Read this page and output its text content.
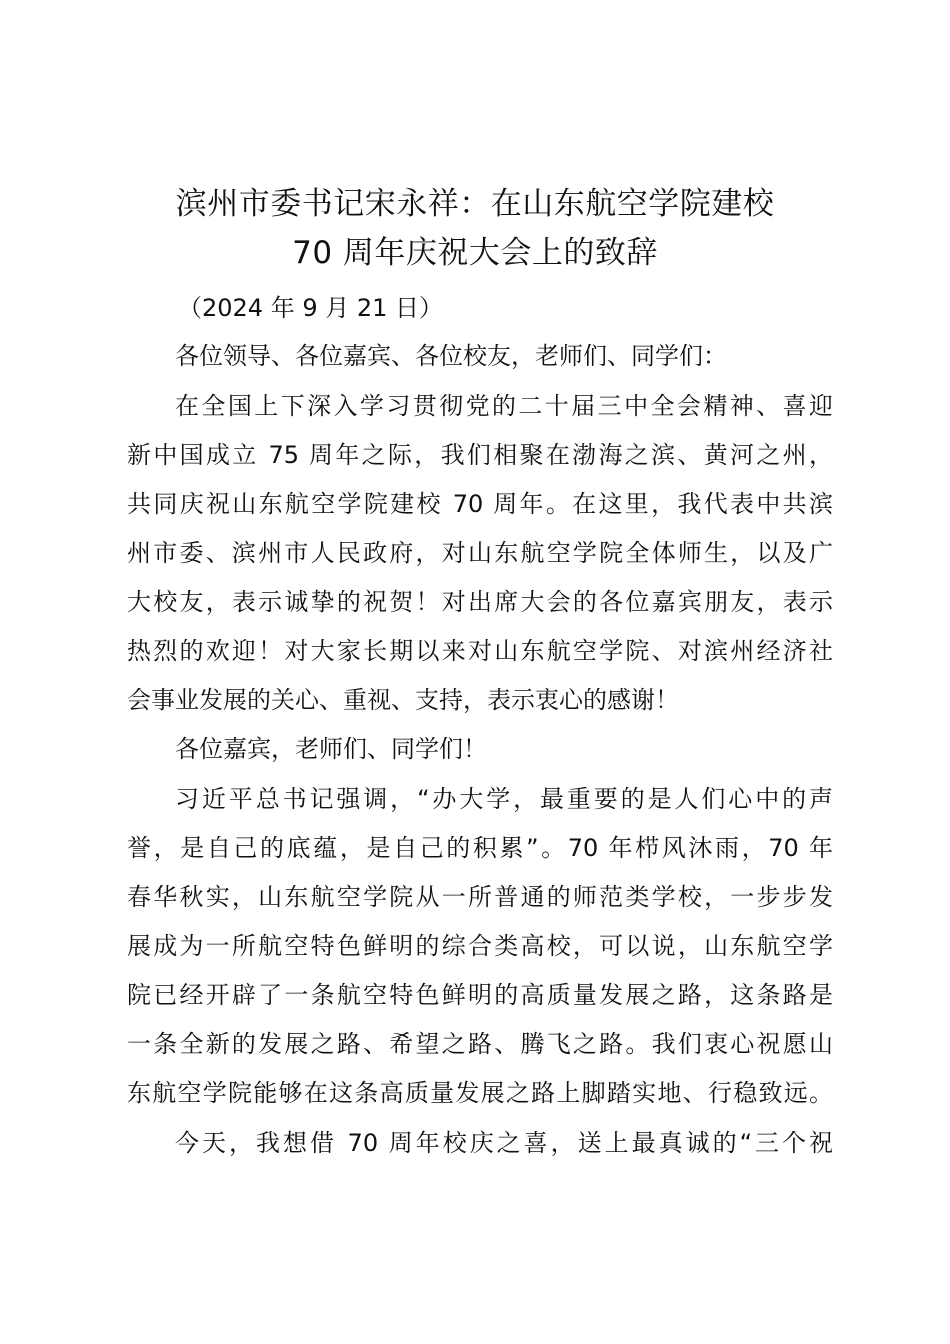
滨州市委书记宋永祥：在山东航空学院建校
70 周年庆祝大会上的致辞
（2024 年 9 月 21 日）
各位领导、各位嘉宾、各位校友，老师们、同学们：
在全国上下深入学习贯彻党的二十届三中全会精神、喜迎
新中国成立 75 周年之际，我们相聚在渤海之滨、黄河之州，
共同庆祝山东航空学院建校 70 周年。在这里，我代表中共滨
州市委、滨州市人民政府，对山东航空学院全体师生，以及广
大校友，表示诚挚的祝贺！对出席大会的各位嘉宾朋友，表示
热烈的欢迎！对大家长期以来对山东航空学院、对滨州经济社
会事业发展的关心、重视、支持，表示衷心的感谢！
各位嘉宾，老师们、同学们！
习近平总书记强调，“办大学，最重要的是人们心中的声
誉，是自己的底蕴，是自己的积累”。70 年栉风沐雨，70 年
春华秋实，山东航空学院从一所普通的师范类学校，一步步发
展成为一所航空特色鲜明的综合类高校，可以说，山东航空学
院已经开辟了一条航空特色鲜明的高质量发展之路，这条路是
一条全新的发展之路、希望之路、腾飞之路。我们衷心祝愿山
东航空学院能够在这条高质量发展之路上脚踏实地、行稳致远。
今天，我想借 70 周年校庆之喜，送上最真诚的“三个祝
